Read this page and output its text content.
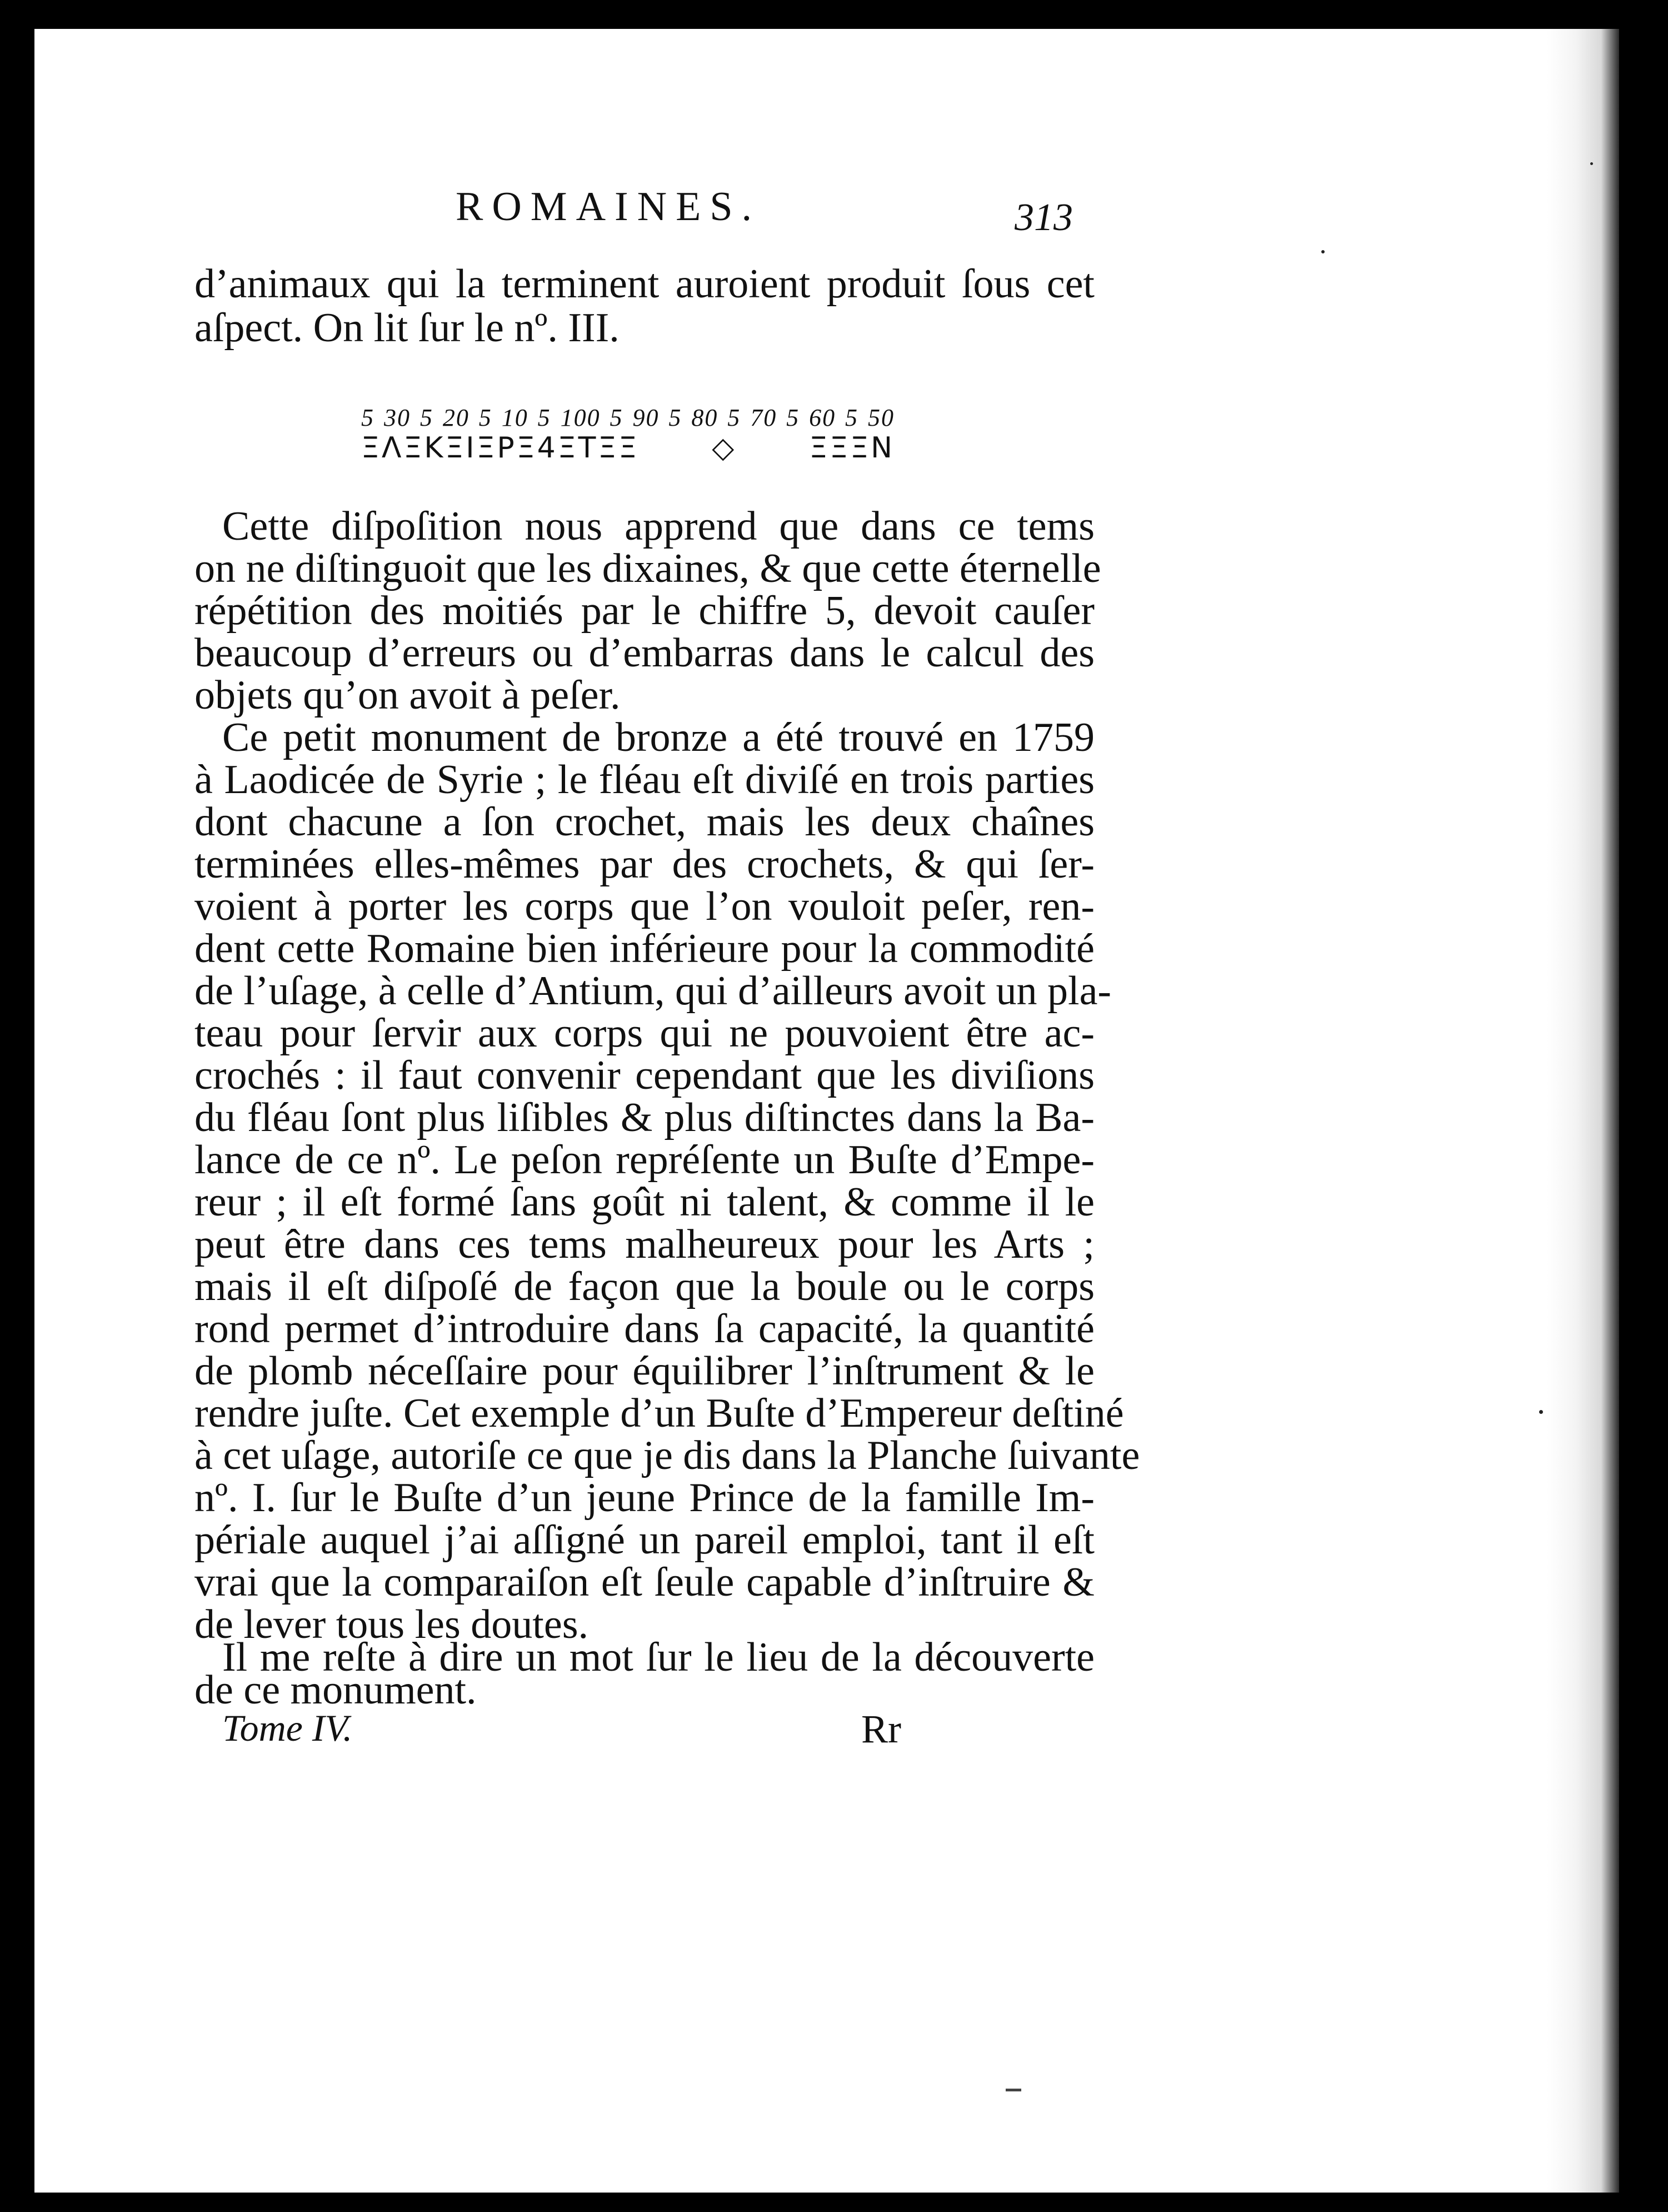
ROMAINES.	313
d’animaux qui la terminent auroient produit ſous cet
aſpect. On lit ſur le nº. III.
5 30 5 20 5 10 5 100 5 90 5 80 5 70 5 60 5 50
ΞΛΞΚΞΙΞΡΞ4ΞΤΞΞ◇ΞΞΞΝ
Cette diſpoſition nous apprend que dans ce tems
on ne diſtinguoit que les dixaines, & que cette éternelle
répétition des moitiés par le chiffre 5, devoit cauſer
beaucoup d’erreurs ou d’embarras dans le calcul des
objets qu’on avoit à peſer.
Ce petit monument de bronze a été trouvé en 1759
à Laodicée de Syrie ; le fléau eſt diviſé en trois parties
dont chacune a ſon crochet, mais les deux chaînes
terminées elles-mêmes par des crochets, & qui ſer-
voient à porter les corps que l’on vouloit peſer, ren-
dent cette Romaine bien inférieure pour la commodité
de l’uſage, à celle d’Antium, qui d’ailleurs avoit un pla-
teau pour ſervir aux corps qui ne pouvoient être ac-
crochés : il faut convenir cependant que les diviſions
du fléau ſont plus liſibles & plus diſtinctes dans la Ba-
lance de ce nº. Le peſon repréſente un Buſte d’Empe-
reur ; il eſt formé ſans goût ni talent, & comme il le
peut être dans ces tems malheureux pour les Arts ;
mais il eſt diſpoſé de façon que la boule ou le corps
rond permet d’introduire dans ſa capacité, la quantité
de plomb néceſſaire pour équilibrer l’inſtrument & le
rendre juſte. Cet exemple d’un Buſte d’Empereur deſtiné
à cet uſage, autoriſe ce que je dis dans la Planche ſuivante
nº. I. ſur le Buſte d’un jeune Prince de la famille Im-
périale auquel j’ai aſſigné un pareil emploi, tant il eſt
vrai que la comparaiſon eſt ſeule capable d’inſtruire &
de lever tous les doutes.
Il me reſte à dire un mot ſur le lieu de la découverte
de ce monument.
Tome IV.	Rr
